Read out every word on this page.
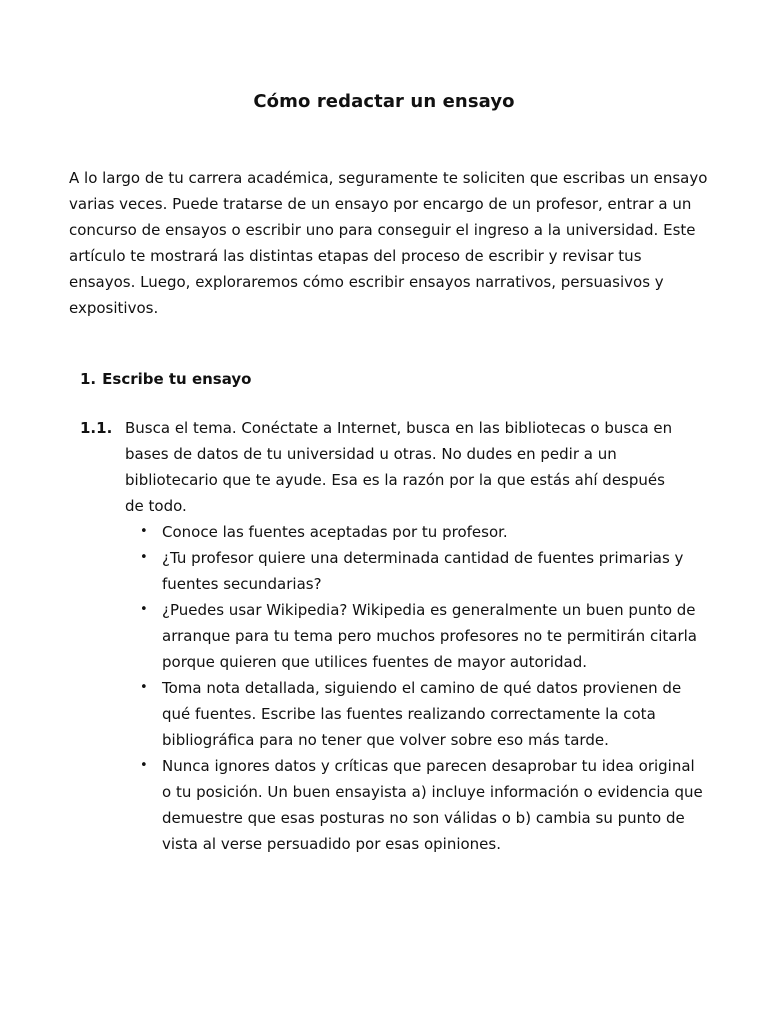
Cómo redactar un ensayo

A lo largo de tu carrera académica, seguramente te soliciten que escribas un ensayo varias veces. Puede tratarse de un ensayo por encargo de un profesor, entrar a un concurso de ensayos o escribir uno para conseguir el ingreso a la universidad. Este artículo te mostrará las distintas etapas del proceso de escribir y revisar tus ensayos. Luego, exploraremos cómo escribir ensayos narrativos, persuasivos y expositivos.

1. Escribe tu ensayo
1.1. Busca el tema. Conéctate a Internet, busca en las bibliotecas o busca en bases de datos de tu universidad u otras. No dudes en pedir a un bibliotecario que te ayude. Esa es la razón por la que estás ahí después de todo.

• Conoce las fuentes aceptadas por tu profesor.
• ¿Tu profesor quiere una determinada cantidad de fuentes primarias y fuentes secundarias?
• ¿Puedes usar Wikipedia? Wikipedia es generalmente un buen punto de arranque para tu tema pero muchos profesores no te permitirán citarla porque quieren que utilices fuentes de mayor autoridad.
• Toma nota detallada, siguiendo el camino de qué datos provienen de qué fuentes. Escribe las fuentes realizando correctamente la cota bibliográfica para no tener que volver sobre eso más tarde.
• Nunca ignores datos y críticas que parecen desaprobar tu idea original o tu posición. Un buen ensayista a) incluye información o evidencia que demuestre que esas posturas no son válidas o b) cambia su punto de vista al verse persuadido por esas opiniones.
